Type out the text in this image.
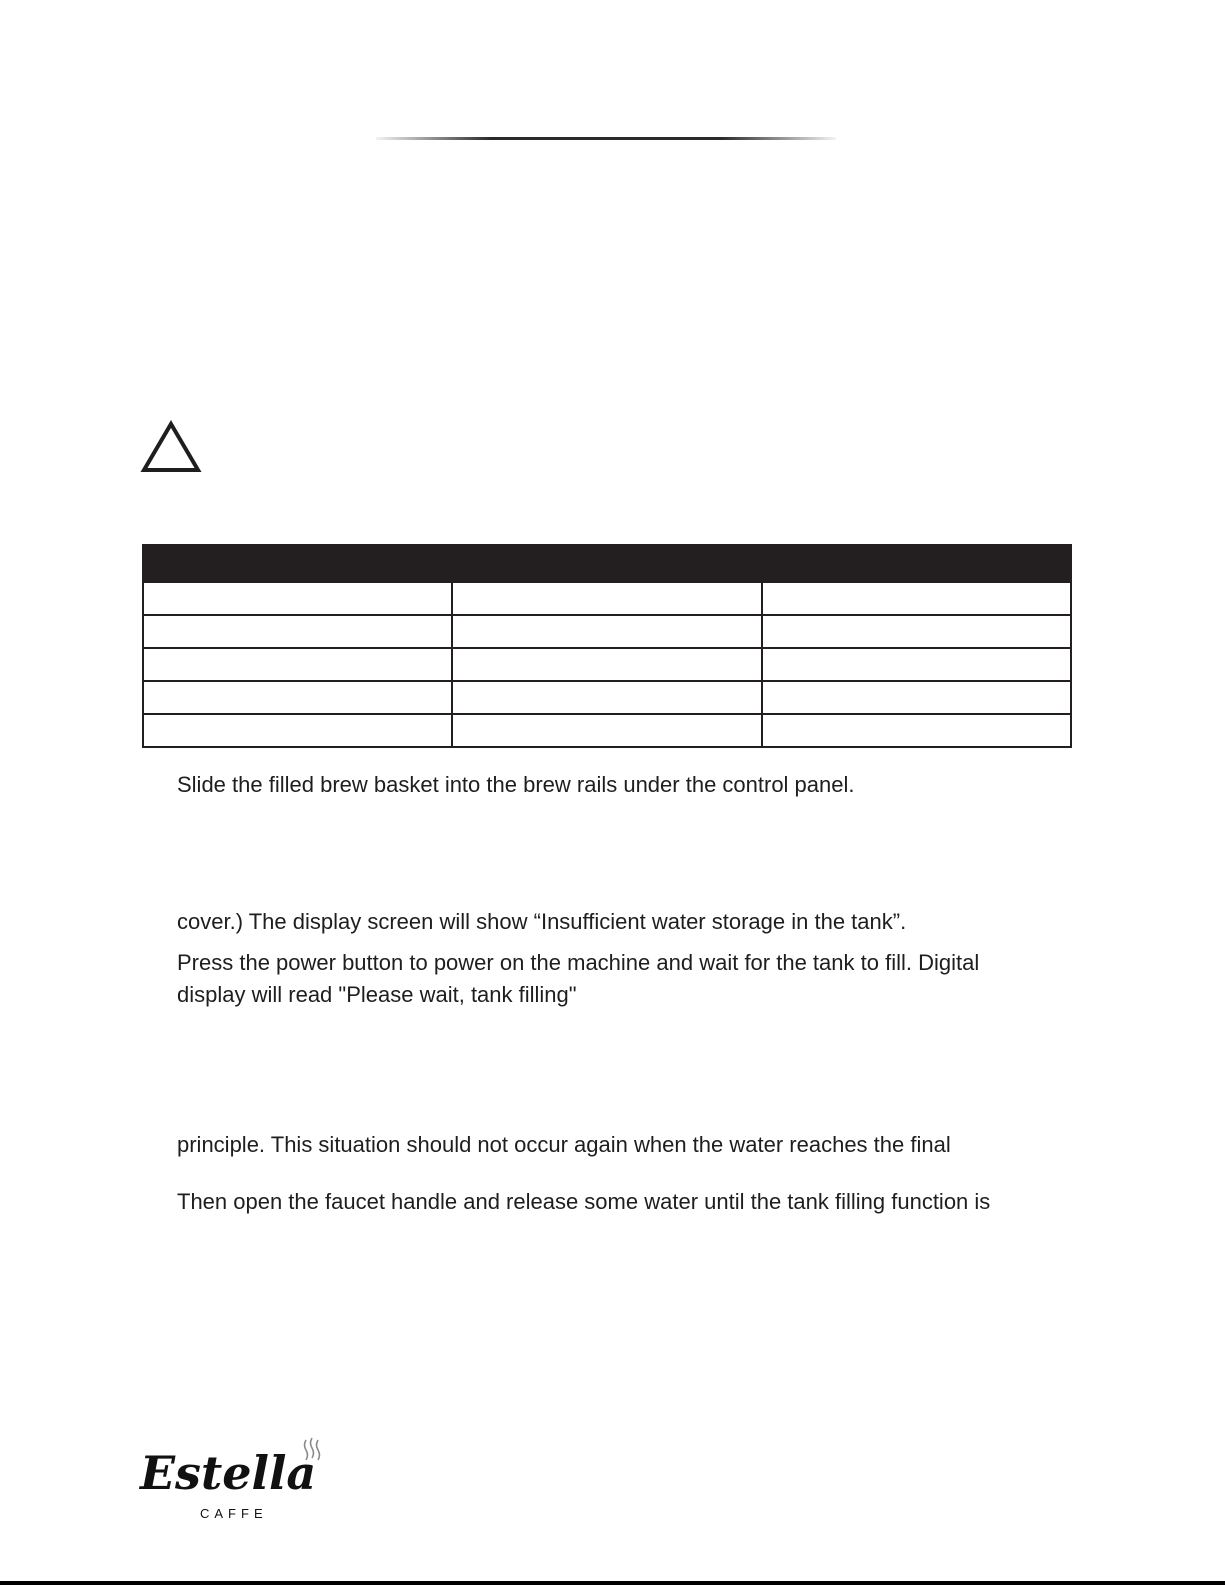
Slide the filled brew basket into the brew rails under the control panel.

cover.) The display screen will show “Insufficient water storage in the tank”.

Press the power button to power on the machine and wait for the tank to fill. Digital

display will read "Please wait, tank filling"

principle. This situation should not occur again when the water reaches the final

Then open the faucet handle and release some water until the tank filling function is

Estella
CAFFE
